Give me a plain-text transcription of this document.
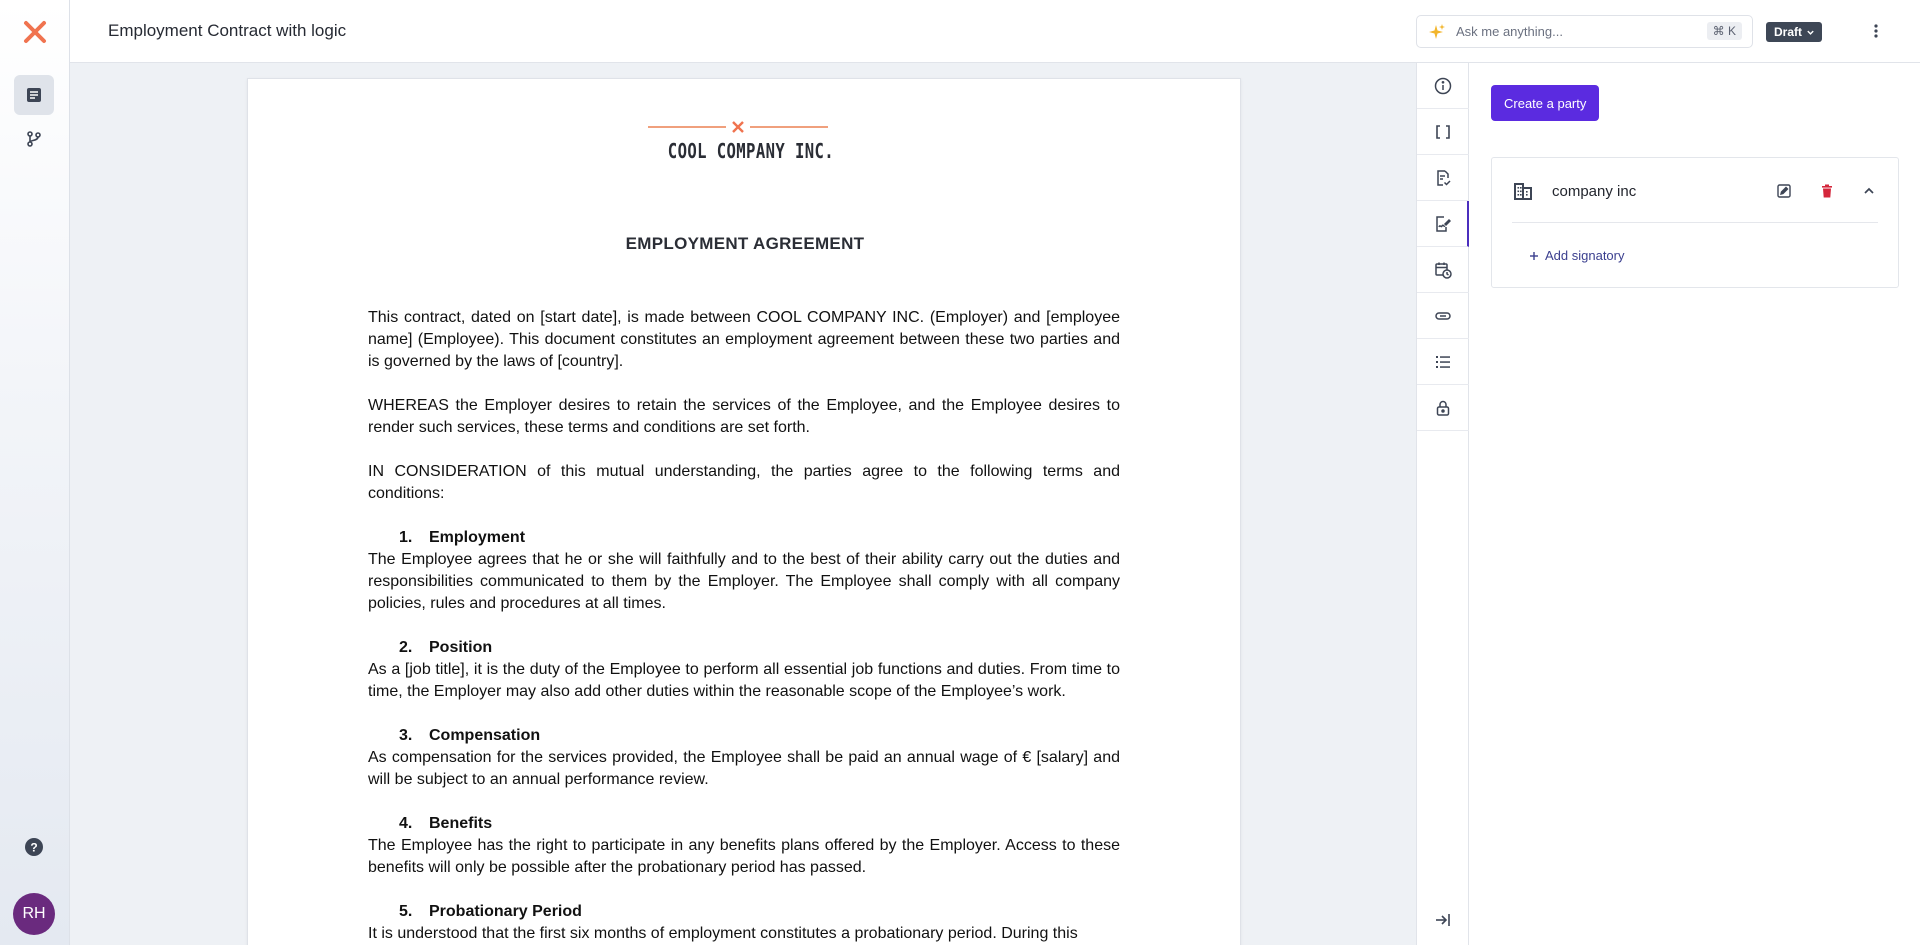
?
RH
Employment Contract with logic	Ask me anything...	⌘ K	Draft
COOL COMPANY INC.
EMPLOYMENT AGREEMENT

This contract, dated on [start date], is made between COOL COMPANY INC. (Employer) and [employee name] (Employee). This document constitutes an employment agreement between these two parties and is governed by the laws of [country].

WHEREAS the Employer desires to retain the services of the Employee, and the Employee desires to render such services, these terms and conditions are set forth.

IN CONSIDERATION of this mutual understanding, the parties agree to the following terms and conditions:

1. Employment
The Employee agrees that he or she will faithfully and to the best of their ability carry out the duties and responsibilities communicated to them by the Employer. The Employee shall comply with all company policies, rules and procedures at all times.
2. Position
As a [job title], it is the duty of the Employee to perform all essential job functions and duties. From time to time, the Employer may also add other duties within the reasonable scope of the Employee’s work.
3. Compensation
As compensation for the services provided, the Employee shall be paid an annual wage of € [salary] and will be subject to an annual performance review.
4. Benefits
The Employee has the right to participate in any benefits plans offered by the Employer. Access to these benefits will only be possible after the probationary period has passed.
5. Probationary Period
It is understood that the first six months of employment constitutes a probationary period. During this
Create a party
company inc
Add signatory
